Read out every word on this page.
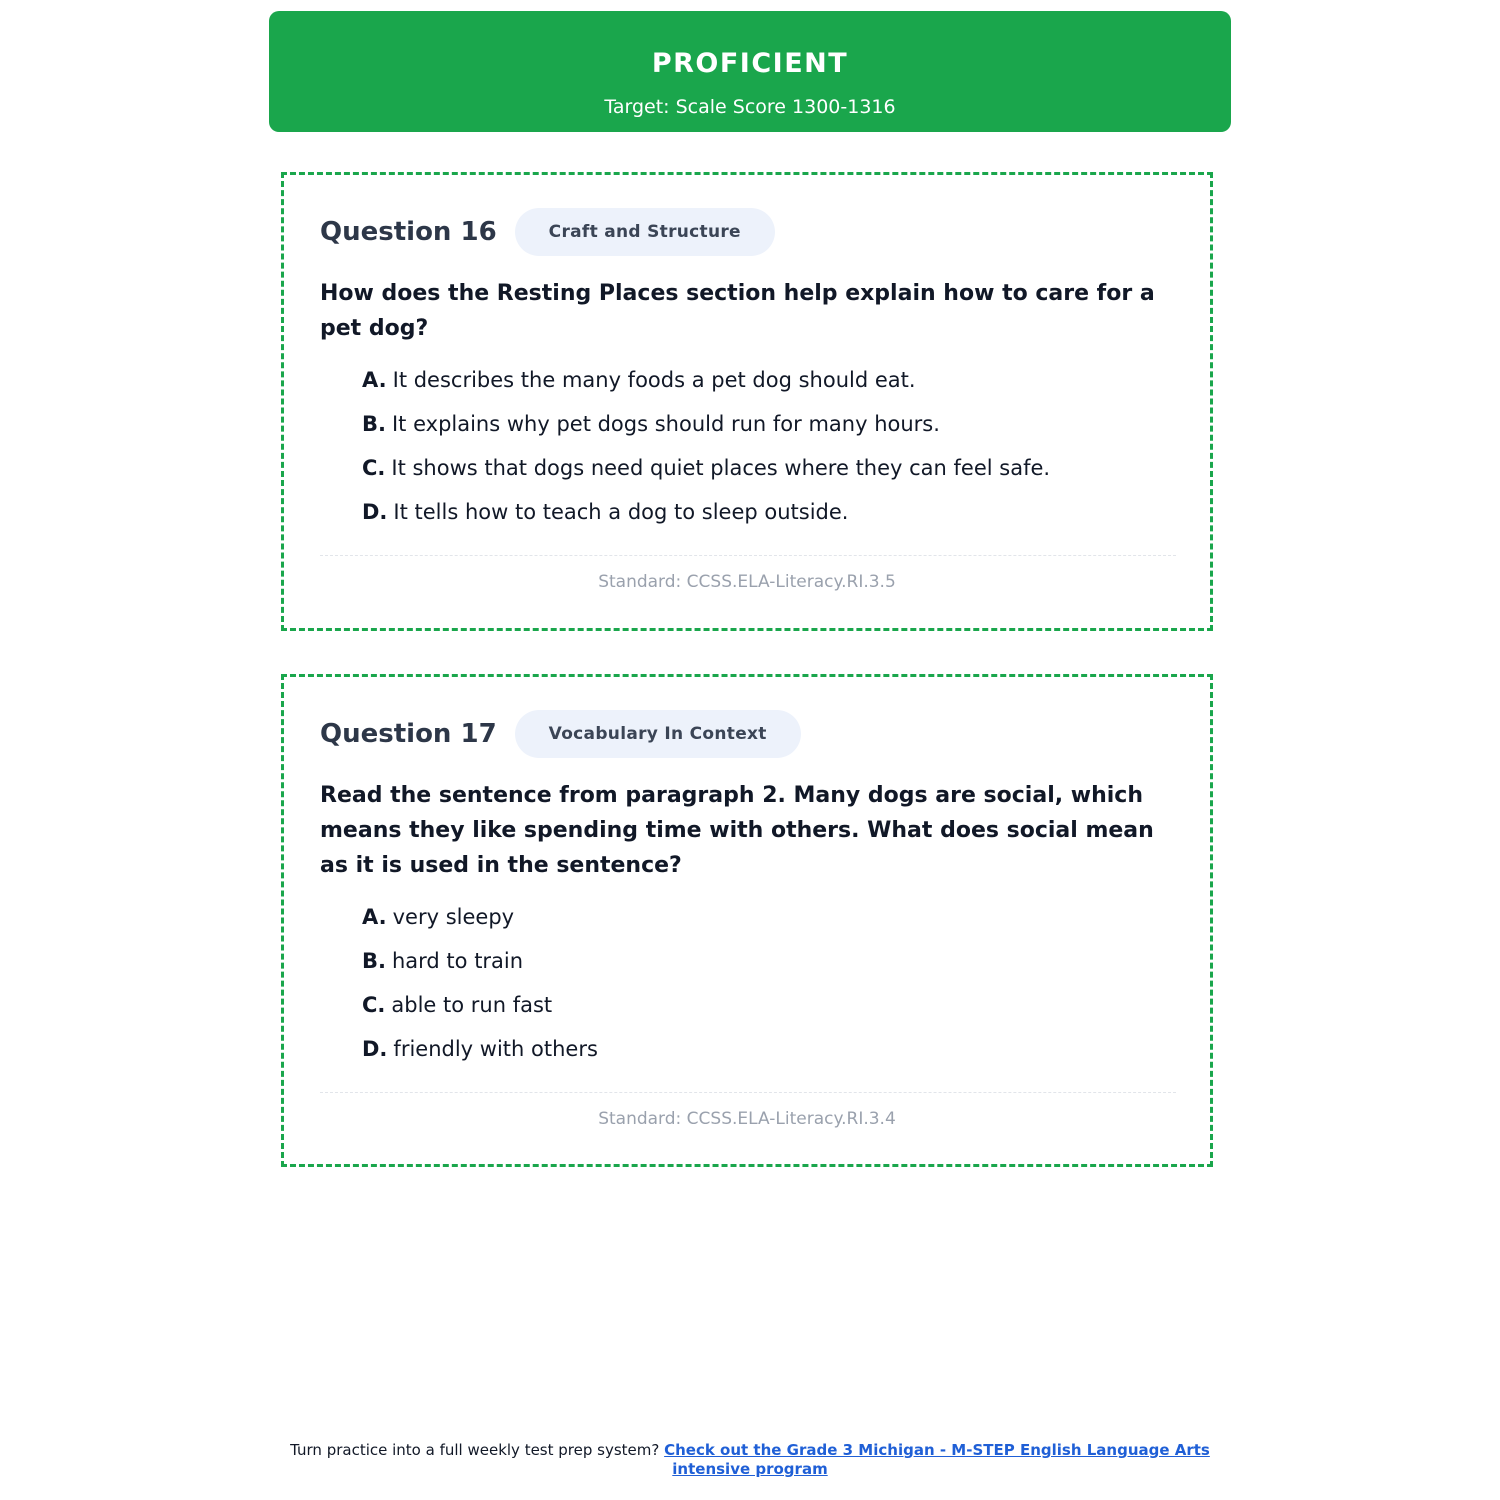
PROFICIENT
Target: Scale Score 1300-1316
Question 16	Craft and Structure
How does the Resting Places section help explain how to care for a pet dog?
A. It describes the many foods a pet dog should eat.
B. It explains why pet dogs should run for many hours.
C. It shows that dogs need quiet places where they can feel safe.
D. It tells how to teach a dog to sleep outside.
Standard: CCSS.ELA-Literacy.RI.3.5
Question 17	Vocabulary In Context
Read the sentence from paragraph 2. Many dogs are social, which means they like spending time with others. What does social mean as it is used in the sentence?
A. very sleepy
B. hard to train
C. able to run fast
D. friendly with others
Standard: CCSS.ELA-Literacy.RI.3.4
Turn practice into a full weekly test prep system? Check out the Grade 3 Michigan - M-STEP English Language Arts intensive program
